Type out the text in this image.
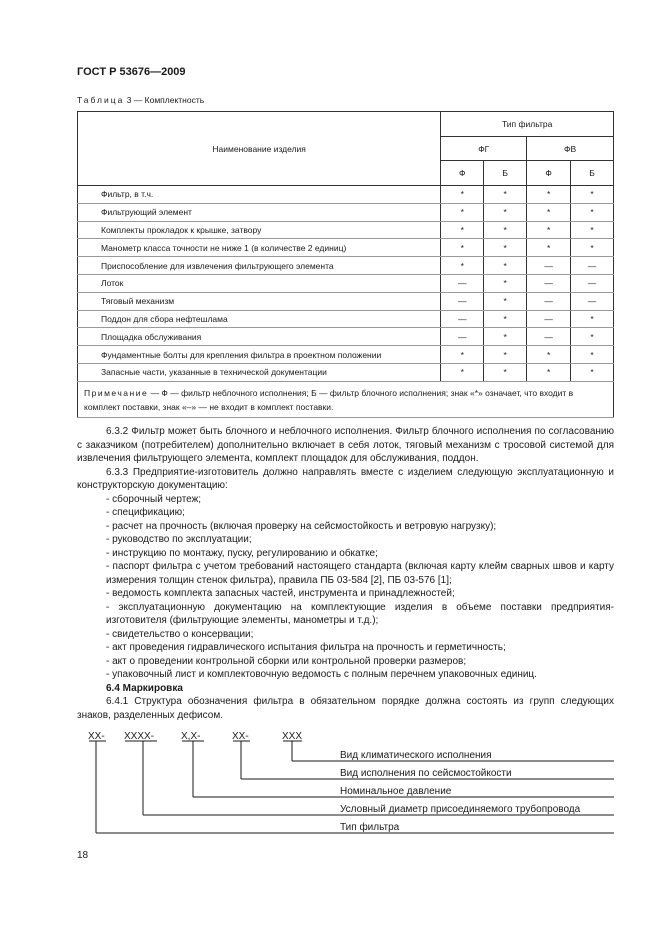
ГОСТ Р 53676—2009
Таблица 3 — Комплектность
Наименование изделия	Тип фильтра			
	ФГ		ФВ	
	Ф	Б	Ф	Б
Фильтр, в т.ч.	*	*	*	*
Фильтрующий элемент	*	*	*	*
Комплекты прокладок к крышке, затвору	*	*	*	*
Манометр класса точности не ниже 1 (в количестве 2 единиц)	*	*	*	*
Приспособление для извлечения фильтрующего элемента	*	*	—	—
Лоток	—	*	—	—
Тяговый механизм	—	*	—	—
Поддон для сбора нефтешлама	—	*	—	*
Площадка обслуживания	—	*	—	*
Фундаментные болты для крепления фильтра в проектном положении	*	*	*	*
Запасные части, указанные в технической документации	*	*	*	*
Примечание — Ф — фильтр неблочного исполнения; Б — фильтр блочного исполнения; знак «*» означает, что входит в комплект поставки, знак «–» — не входит в комплект поставки.				

6.3.2 Фильтр может быть блочного и неблочного исполнения. Фильтр блочного исполнения по согласованию с заказчиком (потребителем) дополнительно включает в себя лоток, тяговый механизм с тросовой системой для извлечения фильтрующего элемента, комплект площадок для обслуживания, поддон.

6.3.3 Предприятие-изготовитель должно направлять вместе с изделием следующую эксплуатационную и конструкторскую документацию:

- сборочный чертеж;

- спецификацию;

- расчет на прочность (включая проверку на сейсмостойкость и ветровую нагрузку);

- руководство по эксплуатации;

- инструкцию по монтажу, пуску, регулированию и обкатке;

- паспорт фильтра с учетом требований настоящего стандарта (включая карту клейм сварных швов и карту измерения толщин стенок фильтра), правила ПБ 03-584 [2], ПБ 03-576 [1];

- ведомость комплекта запасных частей, инструмента и принадлежностей;

- эксплуатационную документацию на комплектующие изделия в объеме поставки предприятия-изготовителя (фильтрующие элементы, манометры и т.д.);

- свидетельство о консервации;

- акт проведения гидравлического испытания фильтра на прочность и герметичность;

- акт о проведении контрольной сборки или контрольной проверки размеров;

- упаковочный лист и комплектовочную ведомость с полным перечнем упаковочных единиц.

6.4 Маркировка

6.4.1 Структура обозначения фильтра в обязательном порядке должна состоять из групп следующих знаков, разделенных дефисом.

XX- XXXX-	X,X-	XX-	XXX
Вид климатического исполнения
Вид исполнения по сейсмостойкости
Номинальное давление
Условный диаметр присоединяемого трубопровода
Тип фильтра
18
